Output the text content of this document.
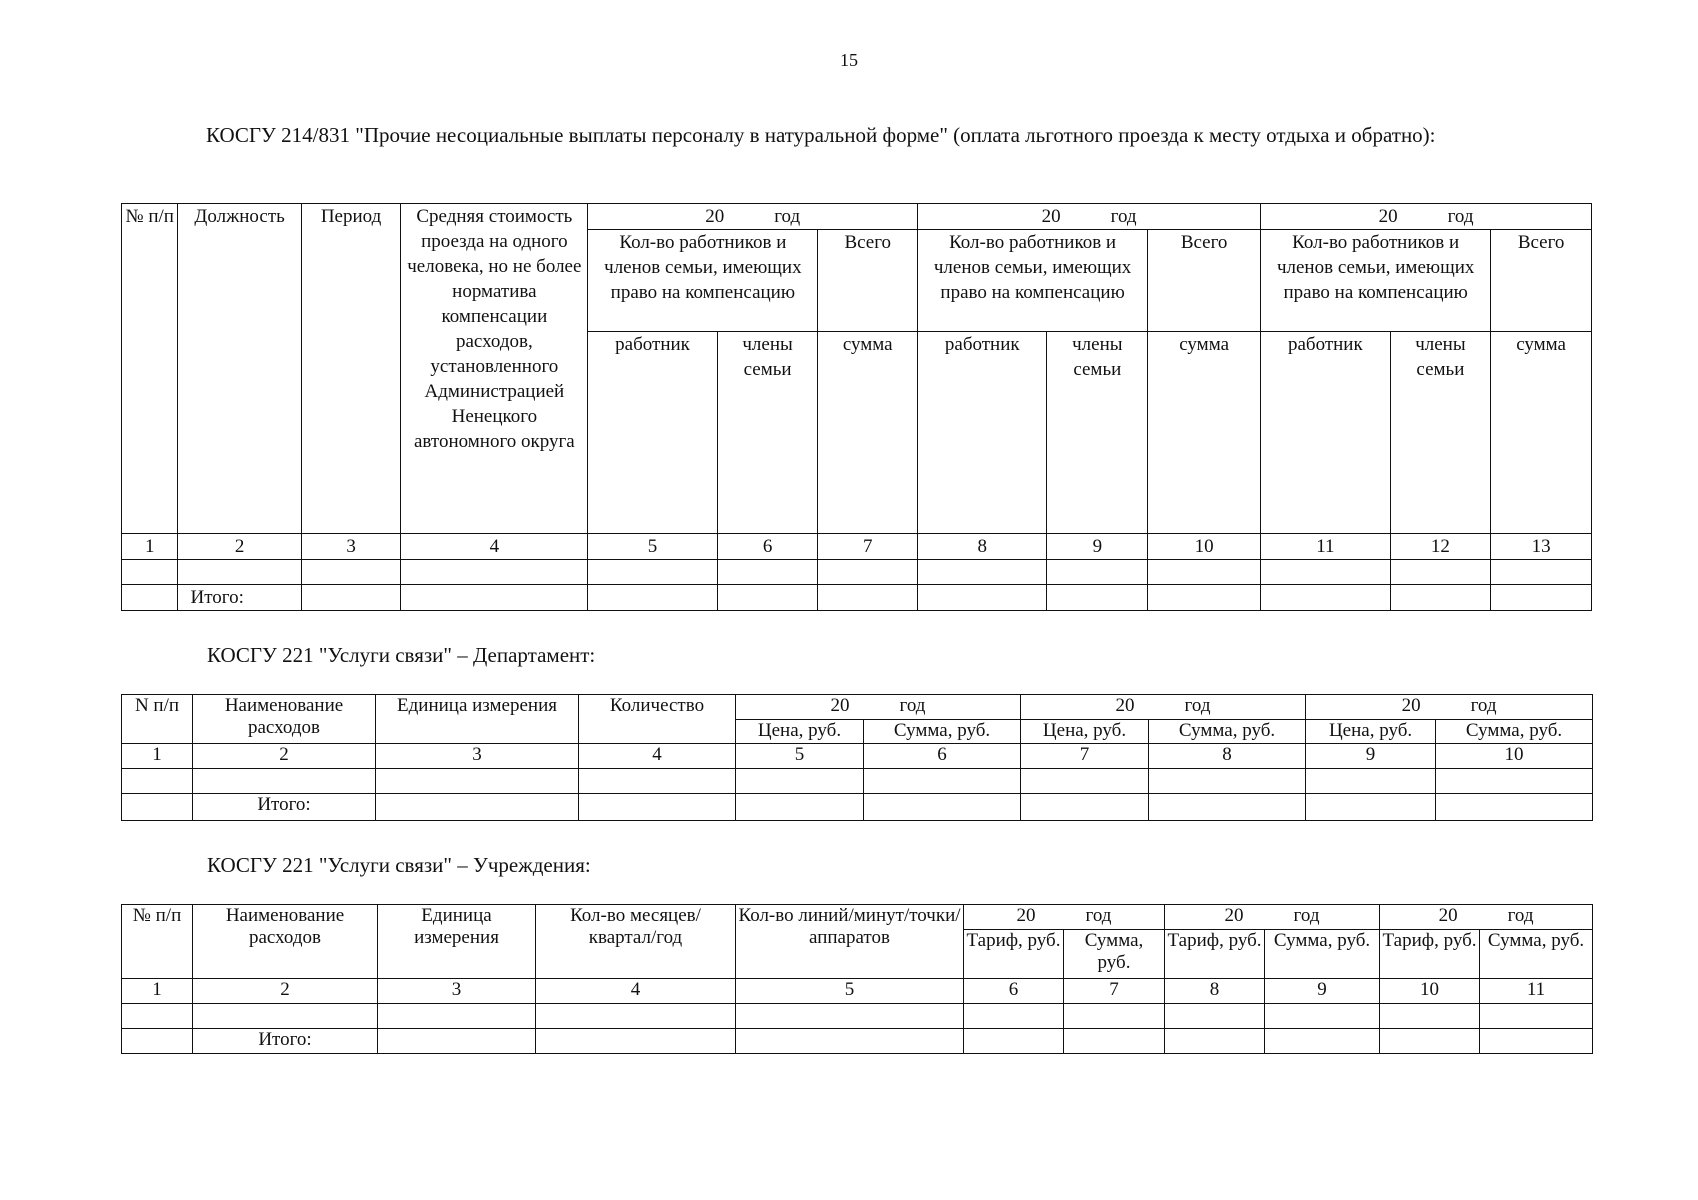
15
КОСГУ 214/831 "Прочие несоциальные выплаты персоналу в натуральной форме" (оплата льготного проезда к месту отдыха и обратно):
№ п/п	Должность	Период	Средняя стоимость проезда на одного человека, но не более норматива компенсации расходов, установленного Администрацией Ненецкого автономного округа	20 год			20 год			20 год		
				Кол-во работников и членов семьи, имеющих право на компенсацию		Всего	Кол-во работников и членов семьи, имеющих право на компенсацию		Всего	Кол-во работников и членов семьи, имеющих право на компенсацию		Всего
				работник	члены семьи	сумма	работник	члены семьи	сумма	работник	члены семьи	сумма
1	2	3	4	5	6	7	8	9	10	11	12	13

	Итого:											
КОСГУ 221 "Услуги связи" – Департамент:
N п/п	Наименование расходов	Единица измерения	Количество	20 год		20 год		20 год	
				Цена, руб.	Сумма, руб.	Цена, руб.	Сумма, руб.	Цена, руб.	Сумма, руб.
1	2	3	4	5	6	7	8	9	10

	Итого:								
КОСГУ 221 "Услуги связи" – Учреждения:
№ п/п	Наименование расходов	Единица измерения	Кол-во месяцев/квартал/год	Кол-во линий/минут/точки/аппаратов	20 год		20 год		20 год	
					Тариф, руб.	Сумма, руб.	Тариф, руб.	Сумма, руб.	Тариф, руб.	Сумма, руб.
1	2	3	4	5	6	7	8	9	10	11

	Итого:									
